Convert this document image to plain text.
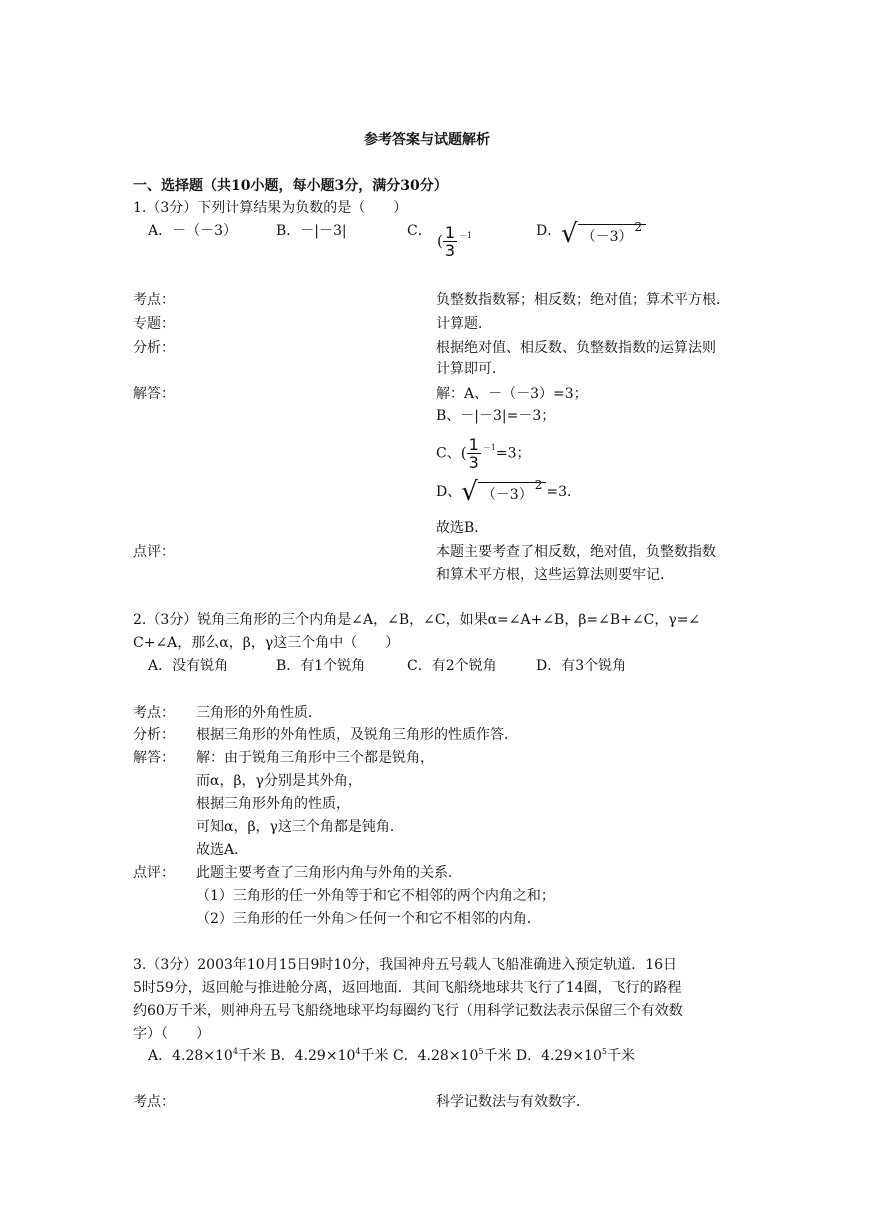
参考答案与试题解析
一、选择题（共10小题，每小题3分，满分30分）
1.（3分）下列计算结果为负数的是（　　）
A．－（－3）	B．－|－3|	C．
( $\frac{1}{3} ^{-1}$	D． √ （－3）2
考点：	负整数指数幂；相反数；绝对值；算术平方根．
专题：	计算题．
分析：	根据绝对值、相反数、负整数指数的运算法则
计算即可．
解答：	解：A、－（－3）=3；
B、－|－3|=－3；
C、( $\frac{1}{3} ^{-1}=3$；
D、 √ （－3）2 =3．
故选B．
点评：	本题主要考查了相反数，绝对值，负整数指数
和算术平方根，这些运算法则要牢记．
2.（3分）锐角三角形的三个内角是∠A，∠B，∠C，如果α=∠A+∠B，β=∠B+∠C，γ=∠
C+∠A，那么α，β，γ这三个角中（　　）
A．没有锐角	B．有1个锐角	C．有2个锐角	D．有3个锐角
考点： 三角形的外角性质．
分析： 根据三角形的外角性质，及锐角三角形的性质作答．
解答： 解：由于锐角三角形中三个都是锐角，
而α，β，γ分别是其外角，
根据三角形外角的性质，
可知α，β，γ这三个角都是钝角．
故选A．
点评： 此题主要考查了三角形内角与外角的关系．
（1）三角形的任一外角等于和它不相邻的两个内角之和；
（2）三角形的任一外角＞任何一个和它不相邻的内角．
3.（3分）2003年10月15日9时10分，我国神舟五号载人飞船准确进入预定轨道．16日
5时59分，返回舱与推进舱分离，返回地面．其间飞船绕地球共飞行了14圈，飞行的路程
约60万千米，则神舟五号飞船绕地球平均每圈约飞行（用科学记数法表示保留三个有效数
字）（　　）
A．$4.28\times 10^4$千米 B．$4.29\times 10^4$千米 C．$4.28\times 10^5$千米 D．$4.29\times 10^5$千米
考点：	科学记数法与有效数字．
